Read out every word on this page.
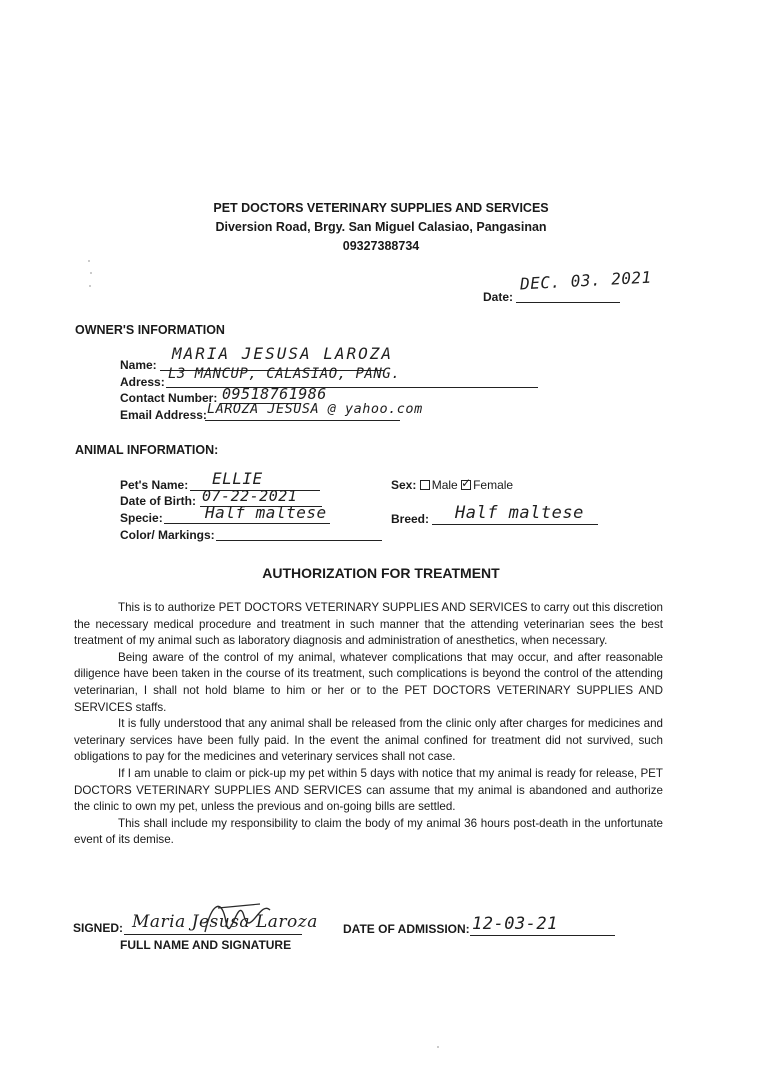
PET DOCTORS VETERINARY SUPPLIES AND SERVICES
Diversion Road, Brgy. San Miguel Calasiao, Pangasinan
09327388734
Date:
DEC. 03. 2021
OWNER'S INFORMATION
Name:
MARIA JESUSA LAROZA
Adress: L3 MANCUP, CALASIAO, PANG.
Contact Number: 09518761986
Email Address: LAROZA JESUSA @ yahoo.com
ANIMAL INFORMATION:
Pet's Name: ELLIE
Date of Birth: 07-22-2021
Specie:	Half maltese
Color/ Markings:
Sex: Male ✓ Female
Breed: Half maltese
AUTHORIZATION FOR TREATMENT

This is to authorize PET DOCTORS VETERINARY SUPPLIES AND SERVICES to carry out this discretion the necessary medical procedure and treatment in such manner that the attending veterinarian sees the best treatment of my animal such as laboratory diagnosis and administration of anesthetics, when necessary.

Being aware of the control of my animal, whatever complications that may occur, and after reasonable diligence have been taken in the course of its treatment, such complications is beyond the control of the attending veterinarian, I shall not hold blame to him or her or to the PET DOCTORS VETERINARY SUPPLIES AND SERVICES staffs.

It is fully understood that any animal shall be released from the clinic only after charges for medicines and veterinary services have been fully paid. In the event the animal confined for treatment did not survived, such obligations to pay for the medicines and veterinary services shall not case.

If I am unable to claim or pick-up my pet within 5 days with notice that my animal is ready for release, PET DOCTORS VETERINARY SUPPLIES AND SERVICES can assume that my animal is abandoned and authorize the clinic to own my pet, unless the previous and on-going bills are settled.

This shall include my responsibility to claim the body of my animal 36 hours post-death in the unfortunate event of its demise.

SIGNED: Maria Jesusa Laroza
FULL NAME AND SIGNATURE
DATE OF ADMISSION: 12-03-21
